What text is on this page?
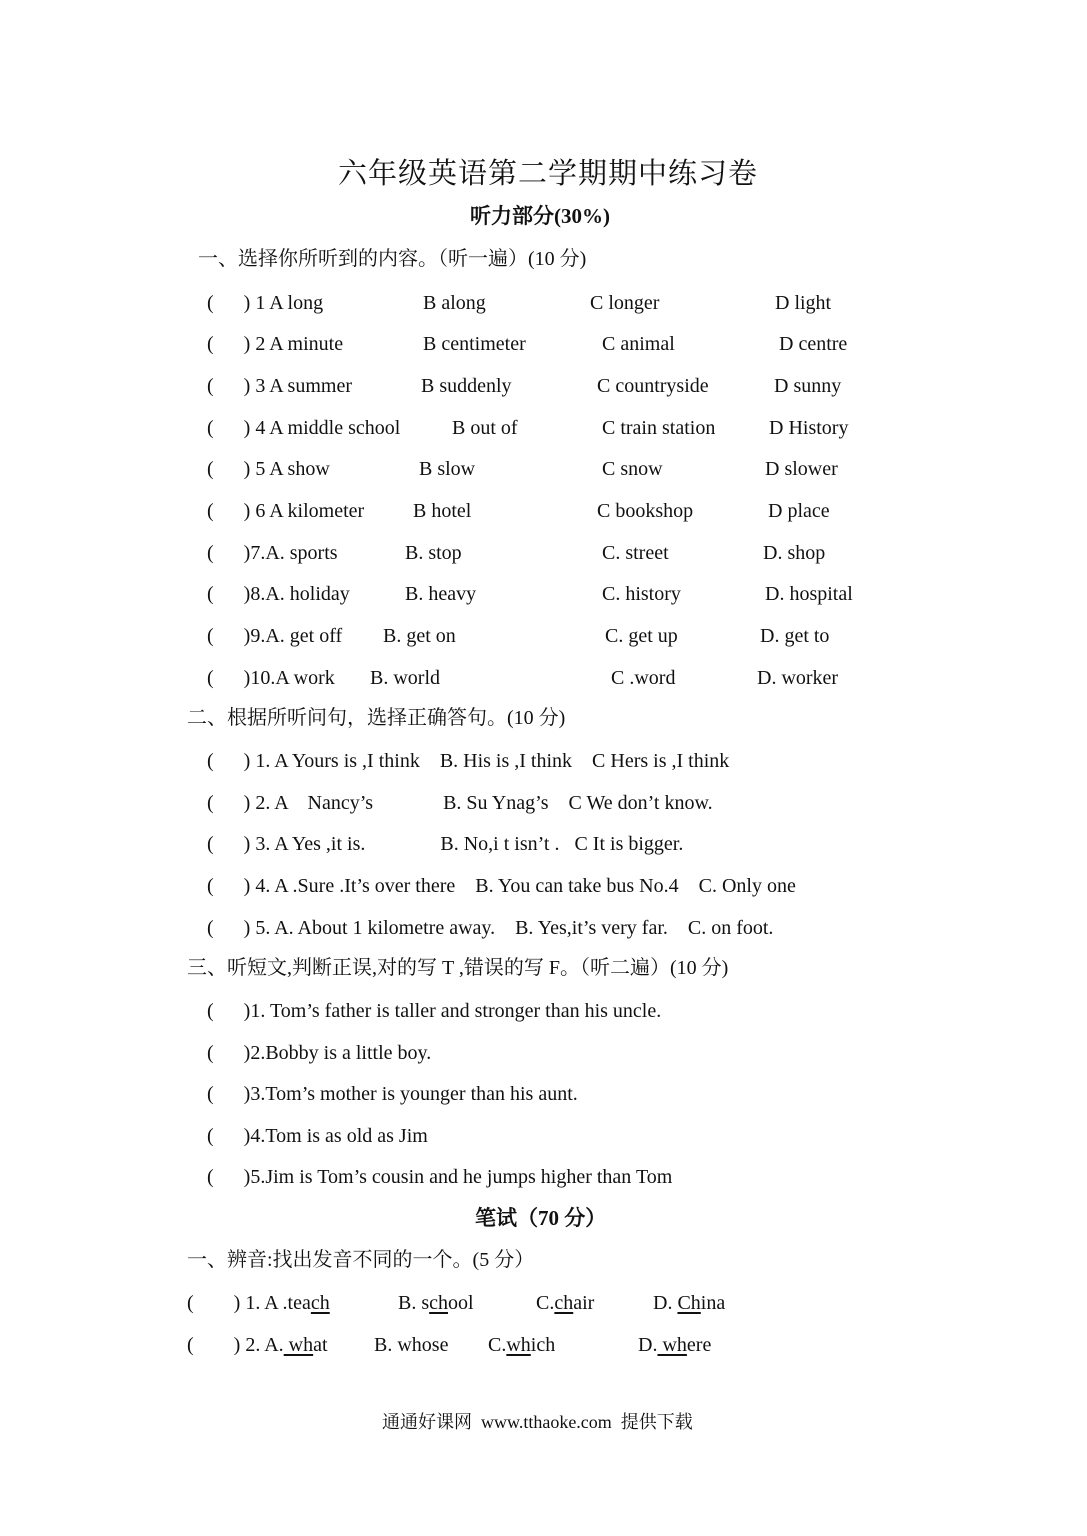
六年级英语第二学期期中练习卷
听力部分(30%)
一、选择你所听到的内容。（听一遍）(10 分)
(      ) 1 A long	B along	C longer	D light
(      ) 2 A minute	B centimeter	C animal	D centre
(      ) 3 A summer	B suddenly	C countryside	D sunny
(      ) 4 A middle school	B out of	C train station	D History
(      ) 5 A show	B slow	C snow	D slower
(      ) 6 A kilometer B hotel	C bookshop	D place
(      )7.A. sports	B. stop	C. street	D. shop
(      )8.A. holiday	B. heavy	C. history	D. hospital
(      )9.A. get off B. get on	C. get up	D. get to
(      )10.A work B. world	C .word	D. worker
二、根据所听问句，选择正确答句。(10 分)
(      ) 1. A Yours is ,I think    B. His is ,I think    C Hers is ,I think
(      ) 2. A    Nancy’s              B. Su Ynag’s    C We don’t know.
(      ) 3. A Yes ,it is.               B. No,i t isn’t .   C It is bigger.
(      ) 4. A .Sure .It’s over there    B. You can take bus No.4    C. Only one
(      ) 5. A. About 1 kilometre away.    B. Yes,it’s very far.    C. on foot.
三、听短文,判断正误,对的写 T ,错误的写 F。（听二遍）(10 分)
(      )1. Tom’s father is taller and stronger than his uncle.
(      )2.Bobby is a little boy.
(      )3.Tom’s mother is younger than his aunt.
(      )4.Tom is as old as Jim
(      )5.Jim is Tom’s cousin and he jumps higher than Tom
笔试（70 分）
一、辨音:找出发音不同的一个。(5 分）
(        ) 1. A .teach	B. school	C.chair	D. China
(        ) 2. A. what B. whose C.which	D. where
通通好课网  www.tthaoke.com  提供下载
